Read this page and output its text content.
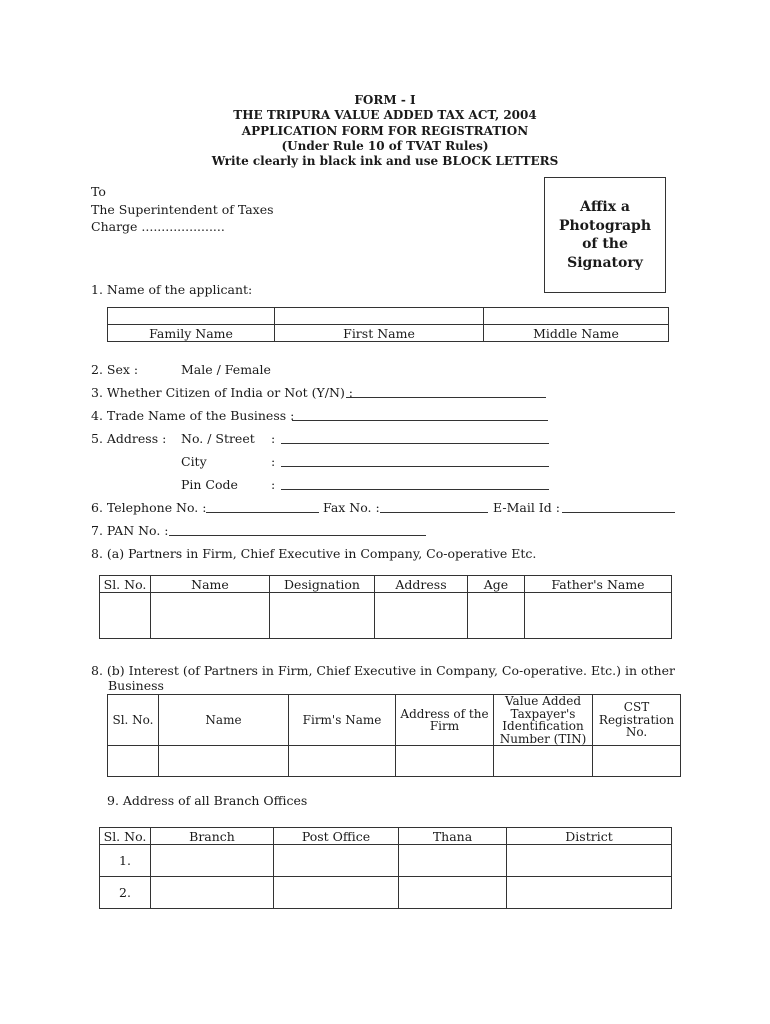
FORM - I
THE TRIPURA VALUE ADDED TAX ACT, 2004
APPLICATION FORM FOR REGISTRATION
(Under Rule 10 of TVAT Rules)
Write clearly in black ink and use BLOCK LETTERS
To
The Superintendent of Taxes
Charge .....................
Affix a
Photograph
of the
Signatory
1. Name of the applicant:

Family Name	First Name	Middle Name
2. Sex :	Male / Female
3. Whether Citizen of India or Not (Y/N) :
4. Trade Name of the Business :
5. Address : No. / Street :
City	:
Pin Code	:
6. Telephone No. :	Fax No. :	E-Mail Id :
7. PAN No. :
8. (a) Partners in Firm, Chief Executive in Company, Co-operative Etc.
Sl. No.	Name	Designation	Address	Age	Father's Name

8. (b) Interest (of Partners in Firm, Chief Executive in Company, Co-operative. Etc.) in other
Business
Sl. No.	Name	Firm's Name	Address of the Firm	Value Added Taxpayer's Identification Number (TIN)	CST Registration No.

9. Address of all Branch Offices
Sl. No.	Branch	Post Office	Thana	District
1.				
2.				
